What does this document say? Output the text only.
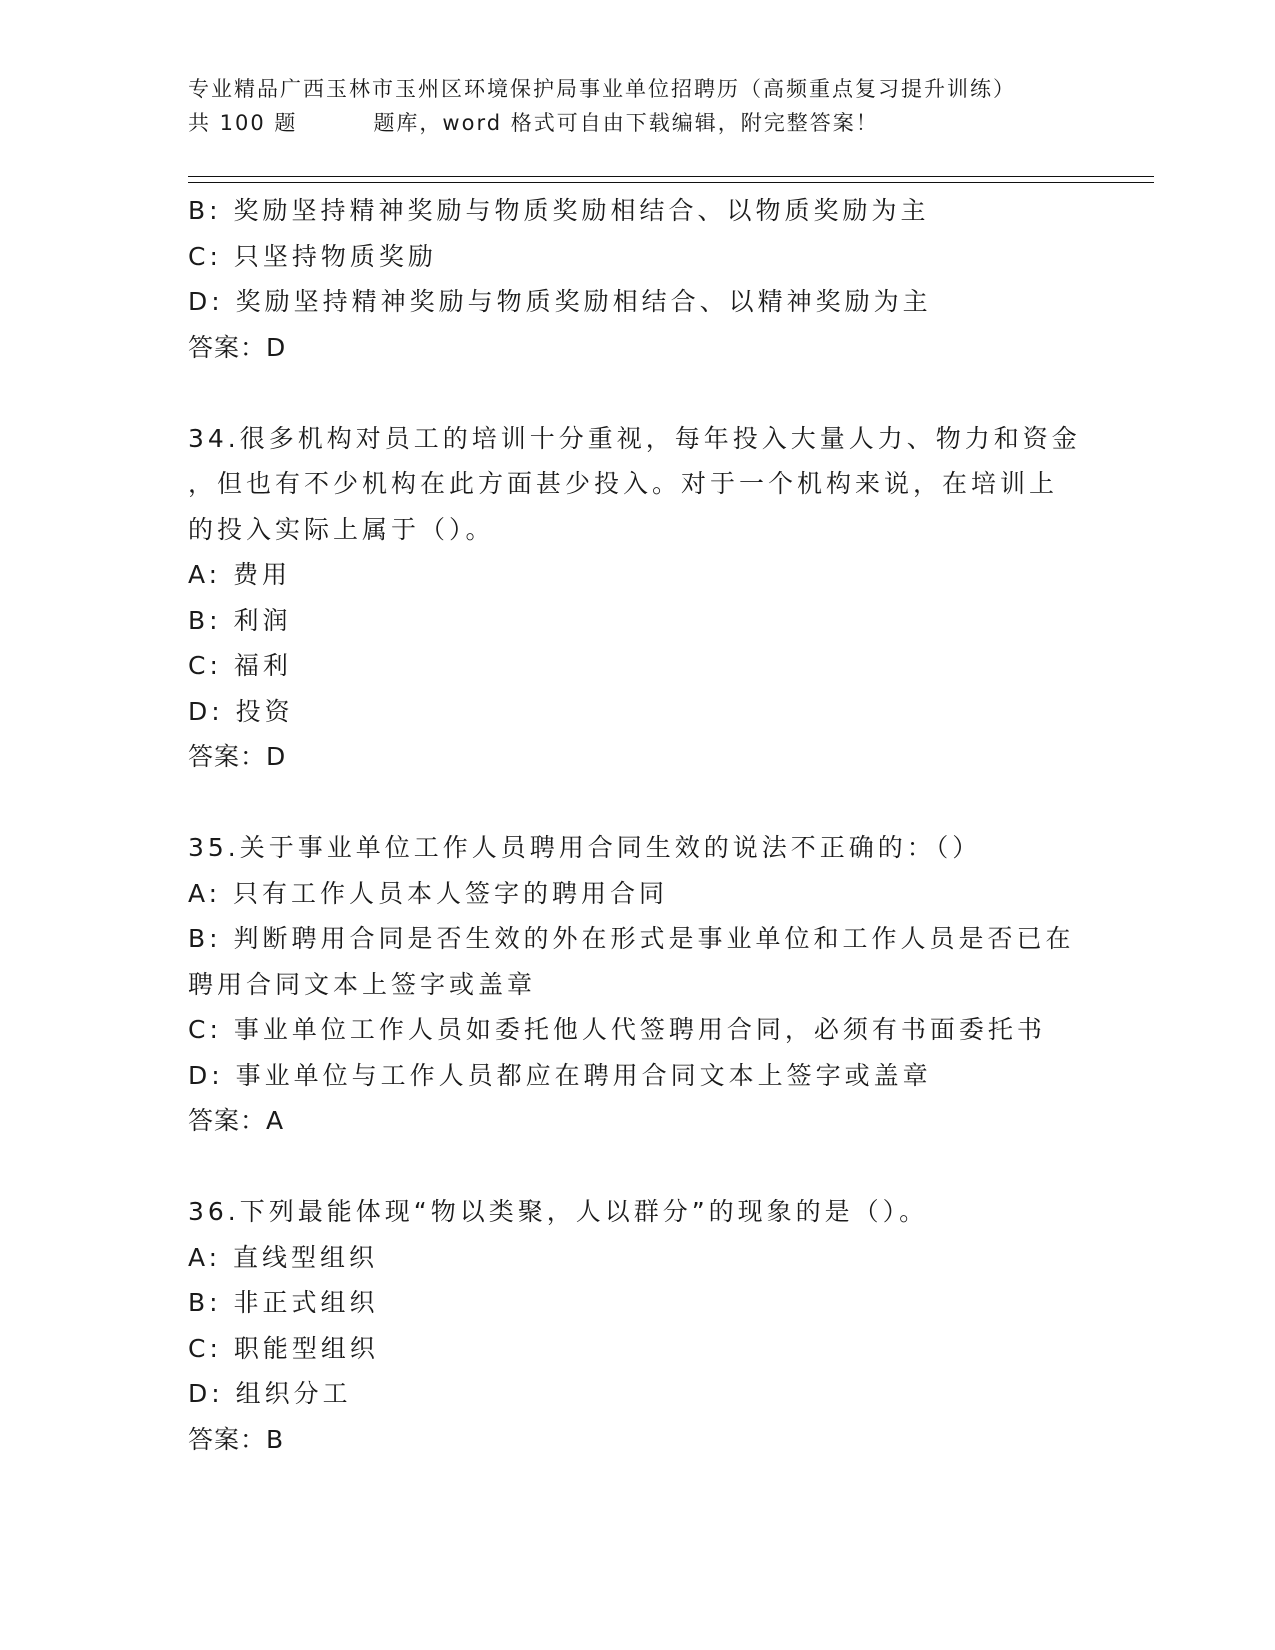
专业精品广西玉林市玉州区环境保护局事业单位招聘历（高频重点复习提升训练）
共 100 题	题库，word 格式可自由下载编辑，附完整答案！
B: 奖励坚持精神奖励与物质奖励相结合、以物质奖励为主
C: 只坚持物质奖励
D: 奖励坚持精神奖励与物质奖励相结合、以精神奖励为主
答案：D
34.很多机构对员工的培训十分重视，每年投入大量人力、物力和资金
，但也有不少机构在此方面甚少投入。对于一个机构来说，在培训上
的投入实际上属于（）。
A: 费用
B: 利润
C: 福利
D: 投资
答案：D
35.关于事业单位工作人员聘用合同生效的说法不正确的：（）
A: 只有工作人员本人签字的聘用合同
B: 判断聘用合同是否生效的外在形式是事业单位和工作人员是否已在
聘用合同文本上签字或盖章
C: 事业单位工作人员如委托他人代签聘用合同，必须有书面委托书
D: 事业单位与工作人员都应在聘用合同文本上签字或盖章
答案：A
36.下列最能体现“物以类聚，人以群分”的现象的是（）。
A: 直线型组织
B: 非正式组织
C: 职能型组织
D: 组织分工
答案：B
